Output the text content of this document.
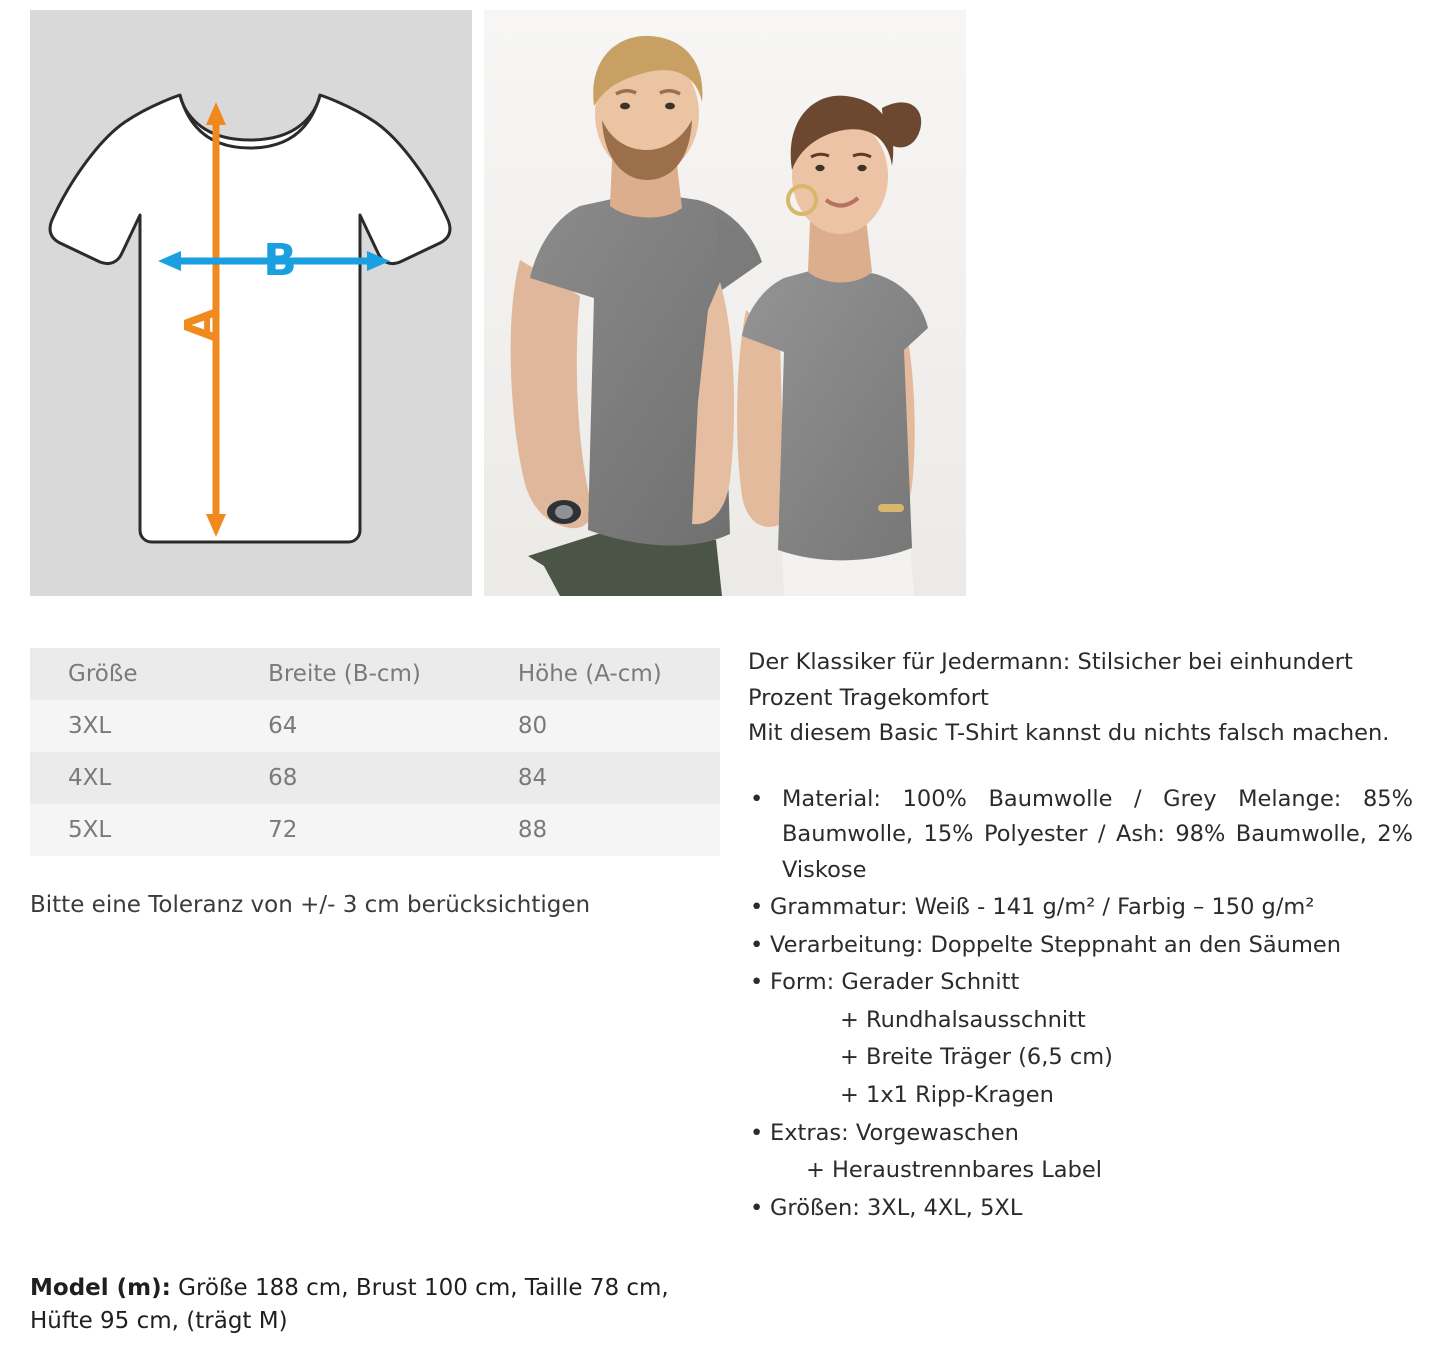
A
B
Größe	Breite (B-cm)	Höhe (A-cm)
3XL	64	80
4XL	68	84
5XL	72	88
Bitte eine Toleranz von +/- 3 cm berücksichtigen
Model (m): Größe 188 cm, Brust 100 cm, Taille 78 cm, Hüfte 95 cm, (trägt M)

Der Klassiker für Jedermann: Stilsicher bei einhundert Prozent Tragekomfort

Mit diesem Basic T-Shirt kannst du nichts falsch machen.

• Material: 100% Baumwolle / Grey Melange: 85% Baumwolle, 15% Polyester / Ash: 98% Baumwolle, 2% Viskose
• Grammatur: Weiß - 141 g/m² / Farbig – 150 g/m²
• Verarbeitung: Doppelte Steppnaht an den Säumen
• Form: Gerader Schnitt
+ Rundhalsausschnitt
+ Breite Träger (6,5 cm)
+ 1x1 Ripp-Kragen
• Extras: Vorgewaschen
+ Heraustrennbares Label
• Größen: 3XL, 4XL, 5XL
